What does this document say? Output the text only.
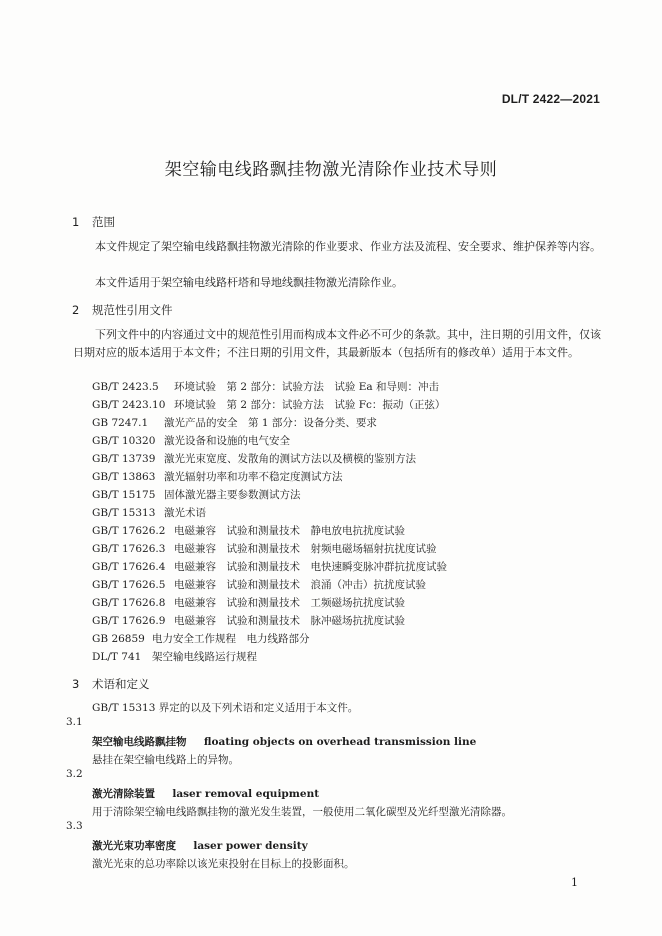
DL/T 2422—2021
架空输电线路飘挂物激光清除作业技术导则
1 范围

本文件规定了架空输电线路飘挂物激光清除的作业要求、作业方法及流程、安全要求、维护保养等内容。

本文件适用于架空输电线路杆塔和导地线飘挂物激光清除作业。

2 规范性引用文件

下列文件中的内容通过文中的规范性引用而构成本文件必不可少的条款。其中，注日期的引用文件，仅该日期对应的版本适用于本文件；不注日期的引用文件，其最新版本（包括所有的修改单）适用于本文件。

GB/T 2423.5 环境试验　第 2 部分：试验方法　试验 Ea 和导则：冲击
GB/T 2423.10 环境试验　第 2 部分：试验方法　试验 Fc：振动（正弦）
GB 7247.1 激光产品的安全　第 1 部分：设备分类、要求
GB/T 10320 激光设备和设施的电气安全
GB/T 13739 激光光束宽度、发散角的测试方法以及横模的鉴别方法
GB/T 13863 激光辐射功率和功率不稳定度测试方法
GB/T 15175 固体激光器主要参数测试方法
GB/T 15313 激光术语
GB/T 17626.2 电磁兼容　试验和测量技术　静电放电抗扰度试验
GB/T 17626.3 电磁兼容　试验和测量技术　射频电磁场辐射抗扰度试验
GB/T 17626.4 电磁兼容　试验和测量技术　电快速瞬变脉冲群抗扰度试验
GB/T 17626.5 电磁兼容　试验和测量技术　浪涌（冲击）抗扰度试验
GB/T 17626.8 电磁兼容　试验和测量技术　工频磁场抗扰度试验
GB/T 17626.9 电磁兼容　试验和测量技术　脉冲磁场抗扰度试验
GB 26859 电力安全工作规程　电力线路部分
DL/T 741 架空输电线路运行规程
3 术语和定义
GB/T 15313 界定的以及下列术语和定义适用于本文件。
3.1
架空输电线路飘挂物 floating objects on overhead transmission line
悬挂在架空输电线路上的异物。
3.2
激光清除装置 laser removal equipment
用于清除架空输电线路飘挂物的激光发生装置，一般使用二氧化碳型及光纤型激光清除器。
3.3
激光光束功率密度 laser power density
激光光束的总功率除以该光束投射在目标上的投影面积。
1
